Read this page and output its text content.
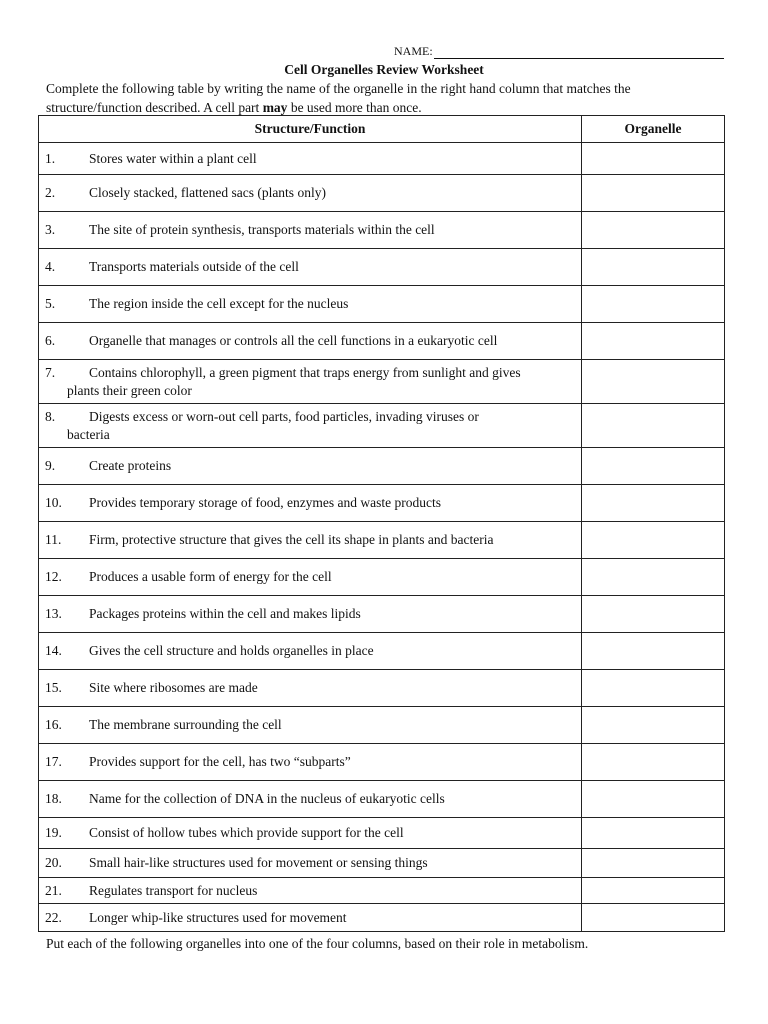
NAME:
Cell Organelles Review Worksheet
Complete the following table by writing the name of the organelle in the right hand column that matches the
structure/function described. A cell part may be used more than once.
Structure/Function	Organelle

1. Stores water within a plant cell	

2. Closely stacked, flattened sacs (plants only)	

3. The site of protein synthesis, transports materials within the cell	

4. Transports materials outside of the cell	

5. The region inside the cell except for the nucleus	

6. Organelle that manages or controls all the cell functions in a eukaryotic cell	

7. Contains chlorophyll, a green pigment that traps energy from sunlight and gives
plants their green color	

8. Digests excess or worn-out cell parts, food particles, invading viruses or
bacteria	

9. Create proteins	

10. Provides temporary storage of food, enzymes and waste products	

11. Firm, protective structure that gives the cell its shape in plants and bacteria	

12. Produces a usable form of energy for the cell	

13. Packages proteins within the cell and makes lipids	

14. Gives the cell structure and holds organelles in place	

15. Site where ribosomes are made	

16. The membrane surrounding the cell	

17. Provides support for the cell, has two “subparts”	

18. Name for the collection of DNA in the nucleus of eukaryotic cells	

19. Consist of hollow tubes which provide support for the cell	

20. Small hair-like structures used for movement or sensing things	

21. Regulates transport for nucleus	

22. Longer whip-like structures used for movement	

Put each of the following organelles into one of the four columns, based on their role in metabolism.
